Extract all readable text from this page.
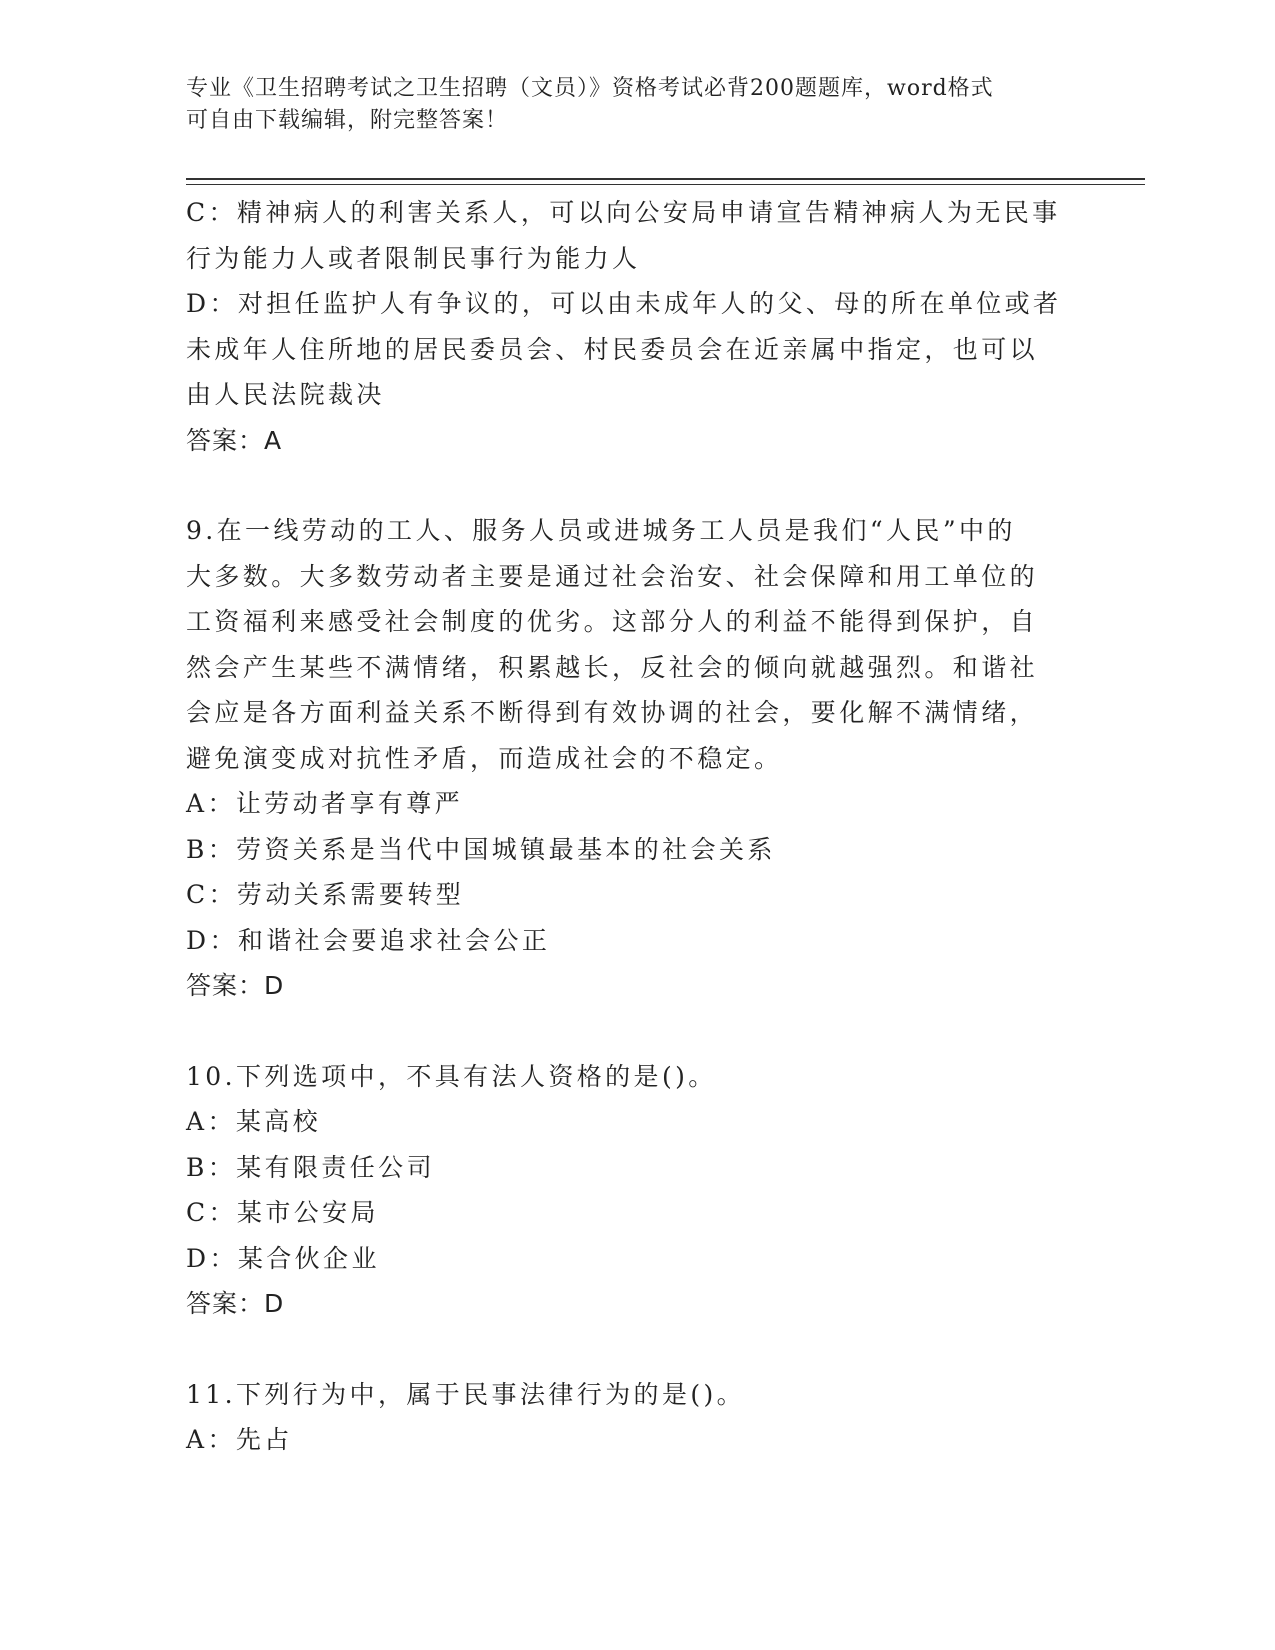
专业《卫生招聘考试之卫生招聘（文员）》资格考试必背200题题库，word格式
可自由下载编辑，附完整答案！

C：精神病人的利害关系人，可以向公安局申请宣告精神病人为无民事

行为能力人或者限制民事行为能力人

D：对担任监护人有争议的，可以由未成年人的父、母的所在单位或者

未成年人住所地的居民委员会、村民委员会在近亲属中指定，也可以

由人民法院裁决

答案：A

9.在一线劳动的工人、服务人员或进城务工人员是我们“人民”中的

大多数。大多数劳动者主要是通过社会治安、社会保障和用工单位的

工资福利来感受社会制度的优劣。这部分人的利益不能得到保护，自

然会产生某些不满情绪，积累越长，反社会的倾向就越强烈。和谐社

会应是各方面利益关系不断得到有效协调的社会，要化解不满情绪，

避免演变成对抗性矛盾，而造成社会的不稳定。

A：让劳动者享有尊严

B：劳资关系是当代中国城镇最基本的社会关系

C：劳动关系需要转型

D：和谐社会要追求社会公正

答案：D

10.下列选项中，不具有法人资格的是()。

A：某高校

B：某有限责任公司

C：某市公安局

D：某合伙企业

答案：D

11.下列行为中，属于民事法律行为的是()。

A：先占
